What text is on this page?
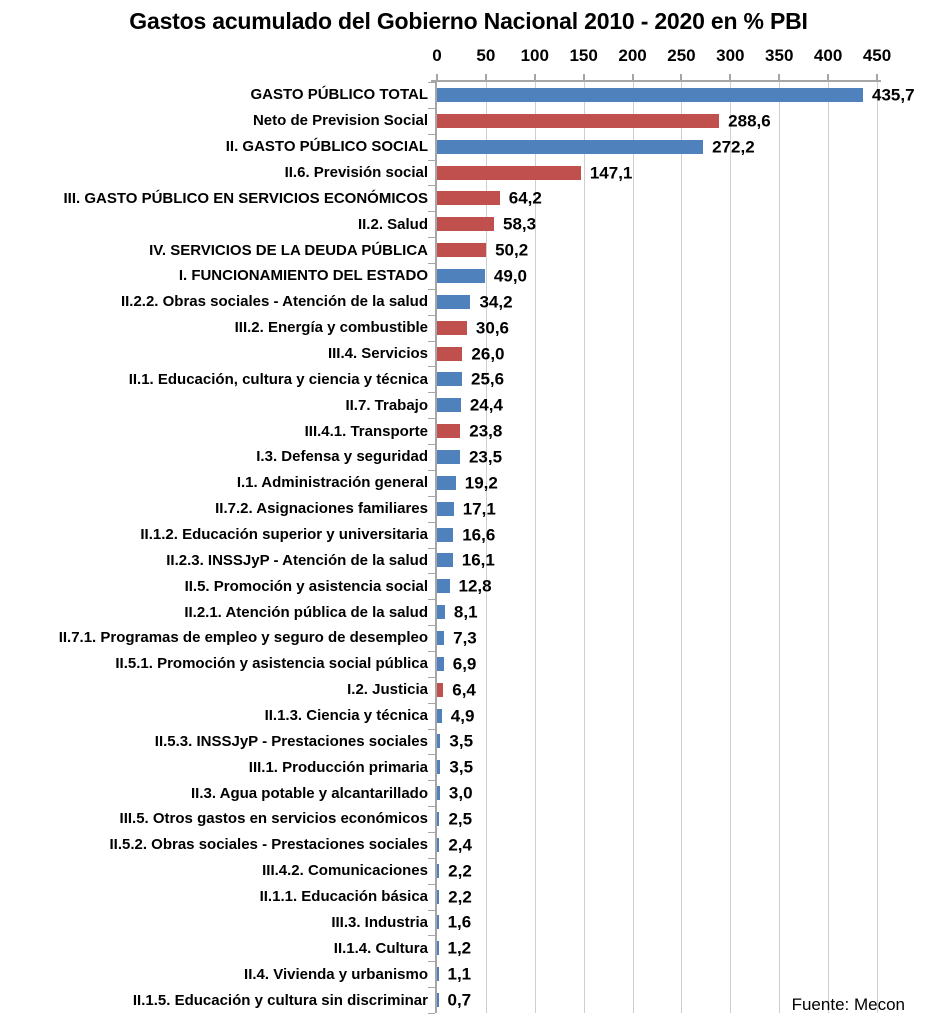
Gastos acumulado del Gobierno Nacional 2010 - 2020 en % PBI
0 50 100 150 200 250 300 350 400 450
GASTO PÚBLICO TOTAL	435,7
Neto de Prevision Social	288,6
II. GASTO PÚBLICO SOCIAL	272,2
II.6. Previsión social	147,1
III. GASTO PÚBLICO EN SERVICIOS ECONÓMICOS	64,2
II.2. Salud	58,3
IV. SERVICIOS DE LA DEUDA PÚBLICA	50,2
I. FUNCIONAMIENTO DEL ESTADO	49,0
II.2.2. Obras sociales - Atención de la salud	34,2
III.2. Energía y combustible	30,6
III.4. Servicios	26,0
II.1. Educación, cultura y ciencia y técnica	25,6
II.7. Trabajo	24,4
III.4.1. Transporte	23,8
I.3. Defensa y seguridad	23,5
I.1. Administración general	19,2
II.7.2. Asignaciones familiares	17,1
II.1.2. Educación superior y universitaria	16,6
II.2.3. INSSJyP - Atención de la salud	16,1
II.5. Promoción y asistencia social	12,8
II.2.1. Atención pública de la salud	8,1
II.7.1. Programas de empleo y seguro de desempleo	7,3
II.5.1. Promoción y asistencia social pública	6,9
I.2. Justicia	6,4
II.1.3. Ciencia y técnica	4,9
II.5.3. INSSJyP - Prestaciones sociales	3,5
III.1. Producción primaria	3,5
II.3. Agua potable y alcantarillado	3,0
III.5. Otros gastos en servicios económicos	2,5
II.5.2. Obras sociales - Prestaciones sociales	2,4
III.4.2. Comunicaciones	2,2
II.1.1. Educación básica	2,2
III.3. Industria	1,6
II.1.4. Cultura	1,2
II.4. Vivienda y urbanismo	1,1
II.1.5. Educación y cultura sin discriminar	0,7	Fuente: Mecon
